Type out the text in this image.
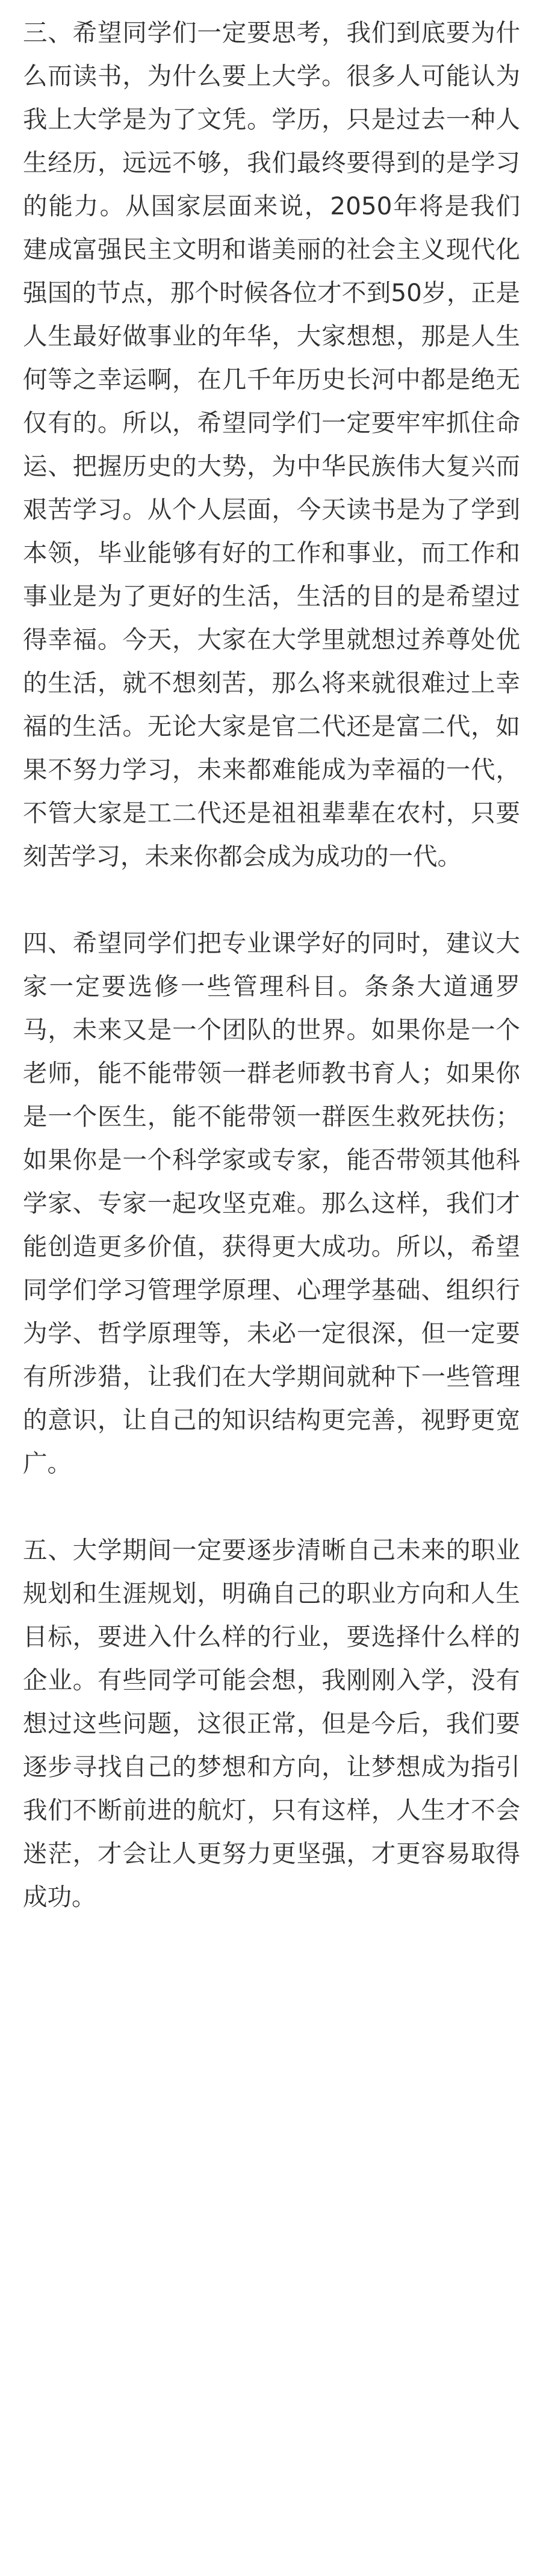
三、希望同学们一定要思考，我们到底要为什么而读书，为什么要上大学。很多人可能认为我上大学是为了文凭。学历，只是过去一种人生经历，远远不够，我们最终要得到的是学习的能力。从国家层面来说，2050年将是我们建成富强民主文明和谐美丽的社会主义现代化强国的节点，那个时候各位才不到50岁，正是人生最好做事业的年华，大家想想，那是人生何等之幸运啊，在几千年历史长河中都是绝无仅有的。所以，希望同学们一定要牢牢抓住命运、把握历史的大势，为中华民族伟大复兴而艰苦学习。从个人层面，今天读书是为了学到本领，毕业能够有好的工作和事业，而工作和事业是为了更好的生活，生活的目的是希望过得幸福。今天，大家在大学里就想过养尊处优的生活，就不想刻苦，那么将来就很难过上幸福的生活。无论大家是官二代还是富二代，如果不努力学习，未来都难能成为幸福的一代，不管大家是工二代还是祖祖辈辈在农村，只要刻苦学习，未来你都会成为成功的一代。

四、希望同学们把专业课学好的同时，建议大家一定要选修一些管理科目。条条大道通罗马，未来又是一个团队的世界。如果你是一个老师，能不能带领一群老师教书育人；如果你是一个医生，能不能带领一群医生救死扶伤；如果你是一个科学家或专家，能否带领其他科学家、专家一起攻坚克难。那么这样，我们才能创造更多价值，获得更大成功。所以，希望同学们学习管理学原理、心理学基础、组织行为学、哲学原理等，未必一定很深，但一定要有所涉猎，让我们在大学期间就种下一些管理的意识，让自己的知识结构更完善，视野更宽广。

五、大学期间一定要逐步清晰自己未来的职业规划和生涯规划，明确自己的职业方向和人生目标，要进入什么样的行业，要选择什么样的企业。有些同学可能会想，我刚刚入学，没有想过这些问题，这很正常，但是今后，我们要逐步寻找自己的梦想和方向，让梦想成为指引我们不断前进的航灯，只有这样，人生才不会迷茫，才会让人更努力更坚强，才更容易取得成功。
